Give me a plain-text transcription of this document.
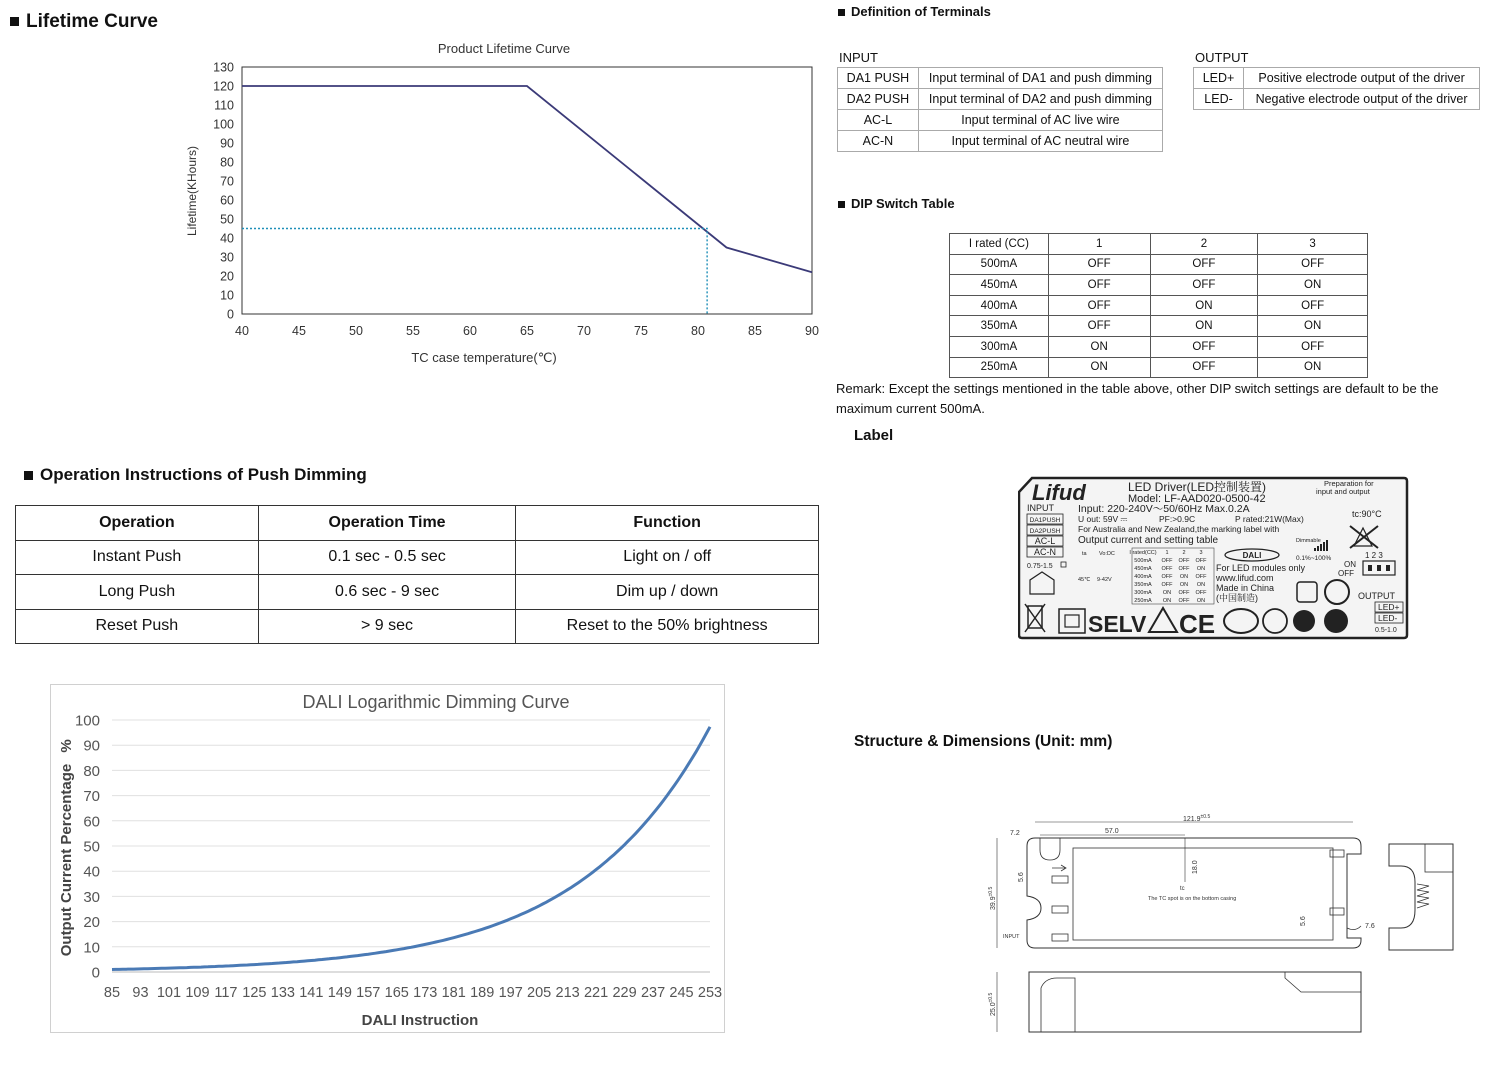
Lifetime Curve
Product Lifetime Curve
0
10
20
30
40
50
60
70
80
90
100
110
120
130
40	45	50	55	60	65	70	75	80	85	90
TC case temperature(℃)
Lifetime(KHours)
Definition of Terminals
INPUT	OUTPUT
DA1 PUSH	Input terminal of DA1 and push dimming
DA2 PUSH	Input terminal of DA2 and push dimming
AC-L	Input terminal of AC live wire
AC-N	Input terminal of AC neutral wire
LED+	Positive electrode output of the driver
LED-	Negative electrode output of the driver
DIP Switch Table
I rated (CC)	1	2	3
500mA	OFF	OFF	OFF
450mA	OFF	OFF	ON
400mA	OFF	ON	OFF
350mA	OFF	ON	ON
300mA	ON	OFF	OFF
250mA	ON	OFF	ON
Remark: Except the settings mentioned in the table above, other DIP switch settings are default to be the
maximum current 500mA.
Label
Lifud	LED Driver(LED控制装置)
Model: LF-AAD020-0500-42
Preparation for
input and output
Input: 220-240V～50/60Hz Max.0.2A
U out: 59V ⎓	PF:>0.9C	P rated:21W(Max)	tc:90°C
For Australia and New Zealand,the marking label with
Output current and setting table
INPUT
DA1PUSH
DA2PUSH
AC-L
AC-N
0.75-1.5
ta Vo:DC
45℃ 9-42V
I rated(CC) 1	2	3
500mA OFF OFF OFF
450mA OFF OFF ON
400mA OFF ON OFF
350mA OFF ON ON
300mA ON OFF OFF
250mA ON OFF ON
DALI
Dimmable
0.1%~100%	1 2 3
ON
OFF
For LED modules only
www.lifud.com
Made in China
(中国制造)	OUTPUT
LED+
LED-
0.5-1.0
SELV CE
Operation Instructions of Push Dimming
Operation	Operation Time	Function
Instant Push	0.1 sec - 0.5 sec	Light on / off
Long Push	0.6 sec - 9 sec	Dim up / down
Reset Push	> 9 sec	Reset to the 50% brightness
DALI Logarithmic Dimming Curve
0
10
20
30
40
50
60
70
80
90
100
85 93 101 109 117 125 133 141 149 157 165 173 181 189 197 205 213 221 229 237 245 253
DALI Instruction
Output Current Percentage
%	Structure & Dimensions (Unit: mm)
tc
The TC spot is on the bottom casing
$121.9^{\pm 0.5}$
57.0
7.2
18.0
5.6
5.6
7.6
$39.9^{\pm 0.5}$
INPUT
$25.0^{\pm 0.5}$
